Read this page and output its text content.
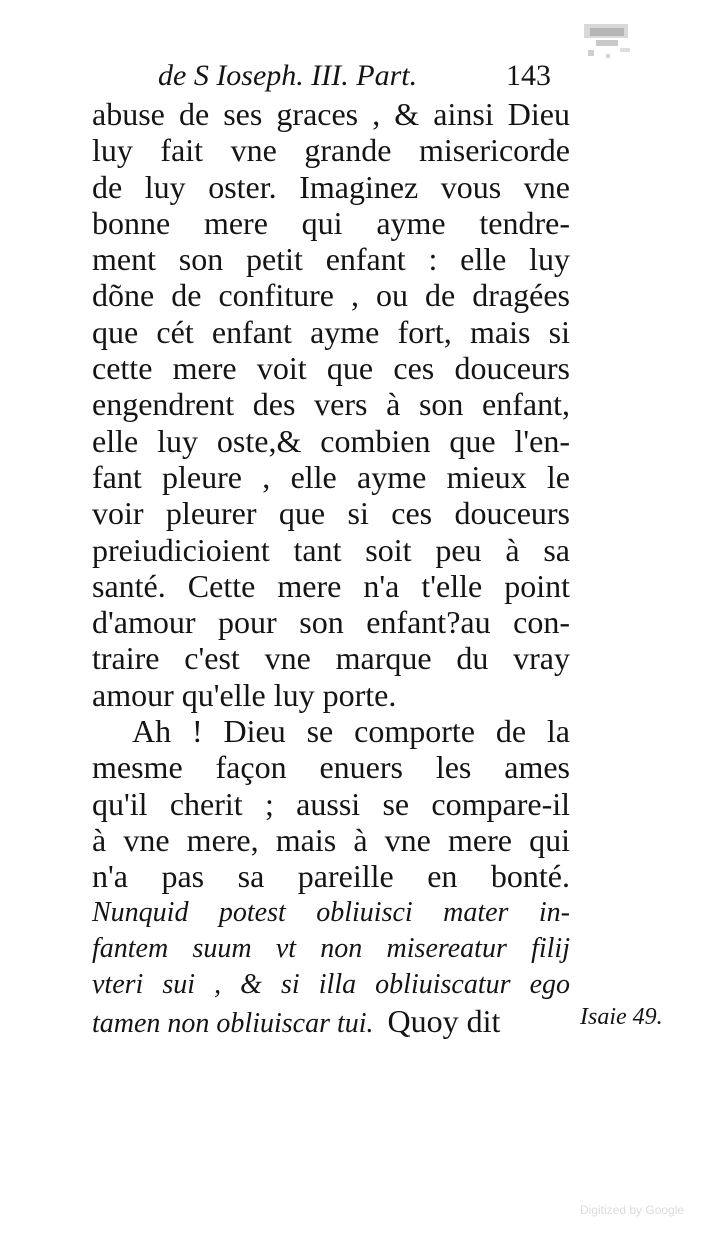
de S Ioseph. III. Part.	143
abuse de ses graces , & ainsi Dieu
luy fait vne grande misericorde
de luy oster. Imaginez vous vne
bonne mere qui ayme tendre-
ment son petit enfant : elle luy
dõne de confiture , ou de dragées
que cét enfant ayme fort, mais si
cette mere voit que ces douceurs
engendrent des vers à son enfant,
elle luy oste,& combien que l'en-
fant pleure , elle ayme mieux le
voir pleurer que si ces douceurs
preiudicioient tant soit peu à sa
santé. Cette mere n'a t'elle point
d'amour pour son enfant?au con-
traire c'est vne marque du vray
amour qu'elle luy porte.
Ah ! Dieu se comporte de la
mesme façon enuers les ames
qu'il cherit ; aussi se compare-il
à vne mere, mais à vne mere qui
n'a pas sa pareille en bonté.
Nunquid potest obliuisci mater in-
fantem suum vt non misereatur filij
vteri sui , & si illa obliuiscatur ego
tamen non obliuiscar tui. Quoy dit	Isaie 49.
Digitized by Google
